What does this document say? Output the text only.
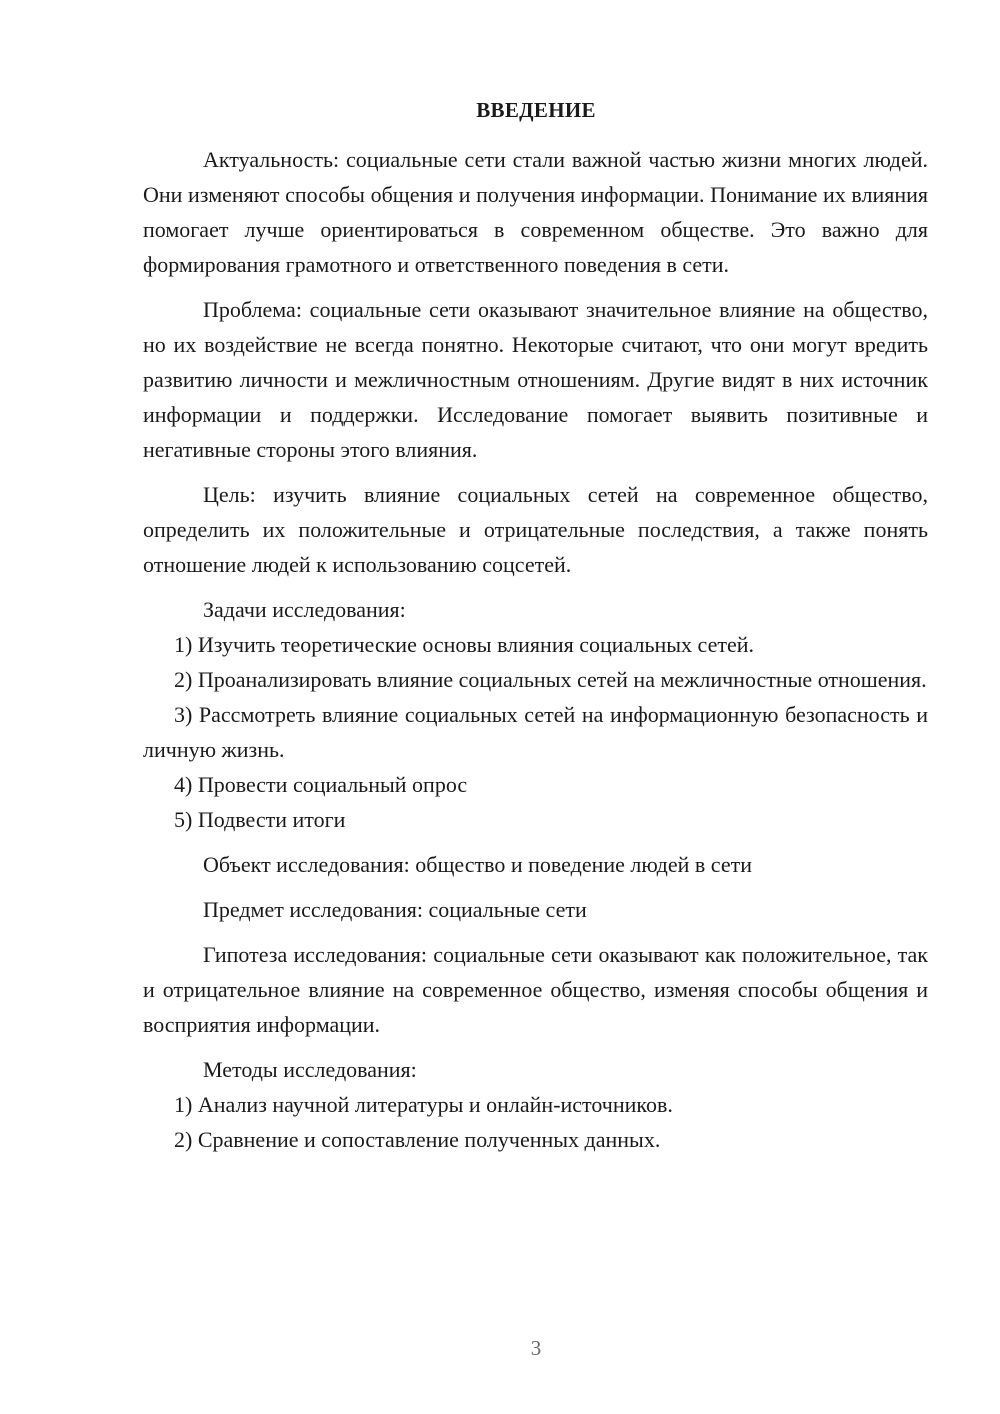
ВВЕДЕНИЕ

Актуальность: социальные сети стали важной частью жизни многих людей. Они изменяют способы общения и получения информации. Понимание их влияния помогает лучше ориентироваться в современном обществе. Это важно для формирования грамотного и ответственного поведения в сети.

Проблема: социальные сети оказывают значительное влияние на общество, но их воздействие не всегда понятно. Некоторые считают, что они могут вредить развитию личности и межличностным отношениям. Другие видят в них источник информации и поддержки. Исследование помогает выявить позитивные и негативные стороны этого влияния.

Цель: изучить влияние социальных сетей на современное общество, определить их положительные и отрицательные последствия, а также понять отношение людей к использованию соцсетей.

Задачи исследования:

1) Изучить теоретические основы влияния социальных сетей.

2) Проанализировать влияние социальных сетей на межличностные отношения.

3) Рассмотреть влияние социальных сетей на информационную безопасность и личную жизнь.

4) Провести социальный опрос

5) Подвести итоги

Объект исследования: общество и поведение людей в сети

Предмет исследования: социальные сети

Гипотеза исследования: социальные сети оказывают как положительное, так и отрицательное влияние на современное общество, изменяя способы общения и восприятия информации.

Методы исследования:

1) Анализ научной литературы и онлайн-источников.

2) Сравнение и сопоставление полученных данных.

3
